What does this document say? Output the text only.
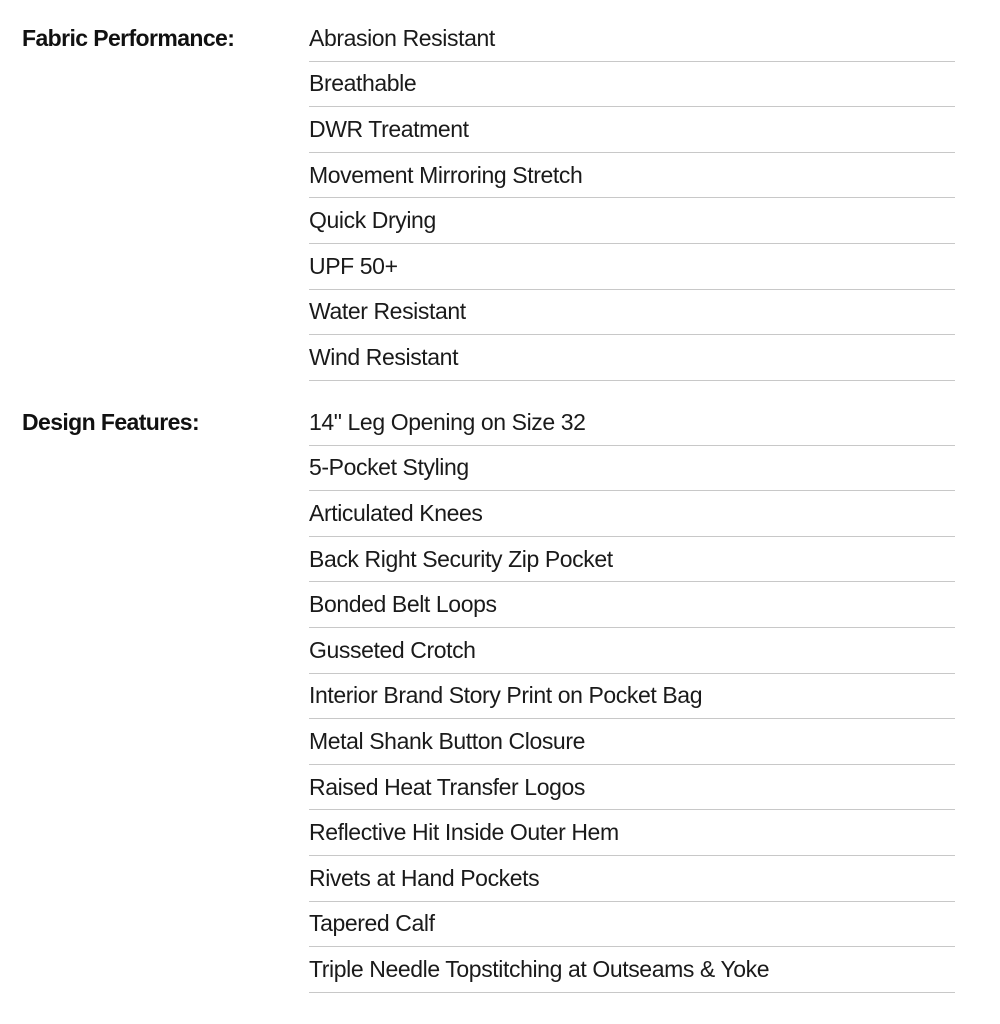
Fabric Performance:	Abrasion Resistant
Breathable
DWR Treatment
Movement Mirroring Stretch
Quick Drying
UPF 50+
Water Resistant
Wind Resistant
Design Features:	14" Leg Opening on Size 32
5-Pocket Styling
Articulated Knees
Back Right Security Zip Pocket
Bonded Belt Loops
Gusseted Crotch
Interior Brand Story Print on Pocket Bag
Metal Shank Button Closure
Raised Heat Transfer Logos
Reflective Hit Inside Outer Hem
Rivets at Hand Pockets
Tapered Calf
Triple Needle Topstitching at Outseams & Yoke
